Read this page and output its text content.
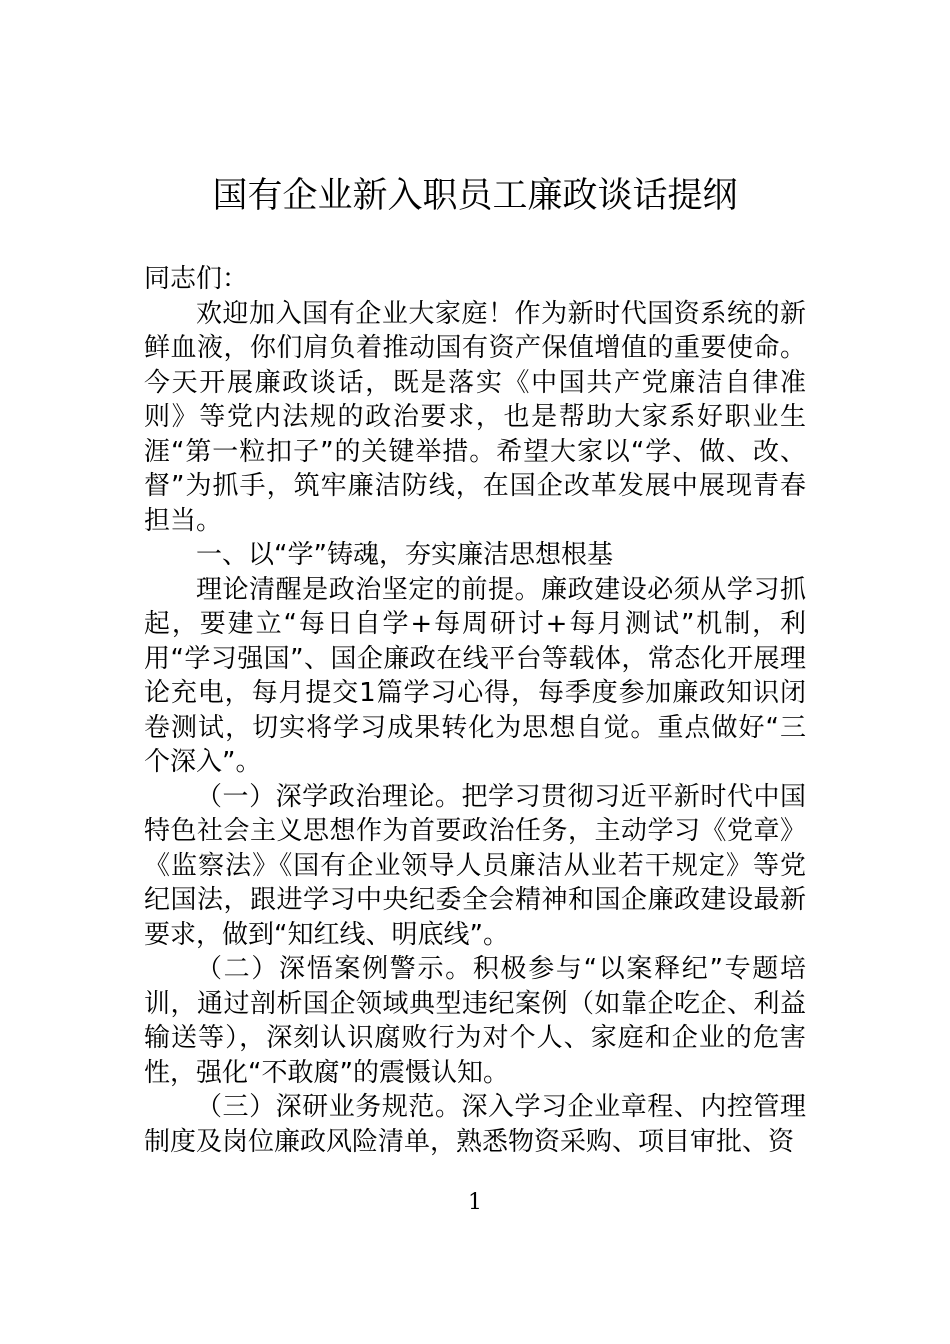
国有企业新入职员工廉政谈话提纲

同志们：

欢迎加入国有企业大家庭！作为新时代国资系统的新鲜血液，你们肩负着推动国有资产保值增值的重要使命。今天开展廉政谈话，既是落实《中国共产党廉洁自律准则》等党内法规的政治要求，也是帮助大家系好职业生涯“第一粒扣子”的关键举措。希望大家以“学、做、改、督”为抓手，筑牢廉洁防线，在国企改革发展中展现青春担当。

一、以“学”铸魂，夯实廉洁思想根基

理论清醒是政治坚定的前提。廉政建设必须从学习抓起，要建立“每日自学+每周研讨+每月测试”机制，利用“学习强国”、国企廉政在线平台等载体，常态化开展理论充电，每月提交1篇学习心得，每季度参加廉政知识闭卷测试，切实将学习成果转化为思想自觉。重点做好“三个深入”。

（一）深学政治理论。把学习贯彻习近平新时代中国特色社会主义思想作为首要政治任务，主动学习《党章》《监察法》《国有企业领导人员廉洁从业若干规定》等党纪国法，跟进学习中央纪委全会精神和国企廉政建设最新要求，做到“知红线、明底线”。

（二）深悟案例警示。积极参与“以案释纪”专题培训，通过剖析国企领域典型违纪案例（如靠企吃企、利益输送等），深刻认识腐败行为对个人、家庭和企业的危害性，强化“不敢腐”的震慑认知。

（三）深研业务规范。深入学习企业章程、内控管理制度及岗位廉政风险清单，熟悉物资采购、项目审批、资

1
